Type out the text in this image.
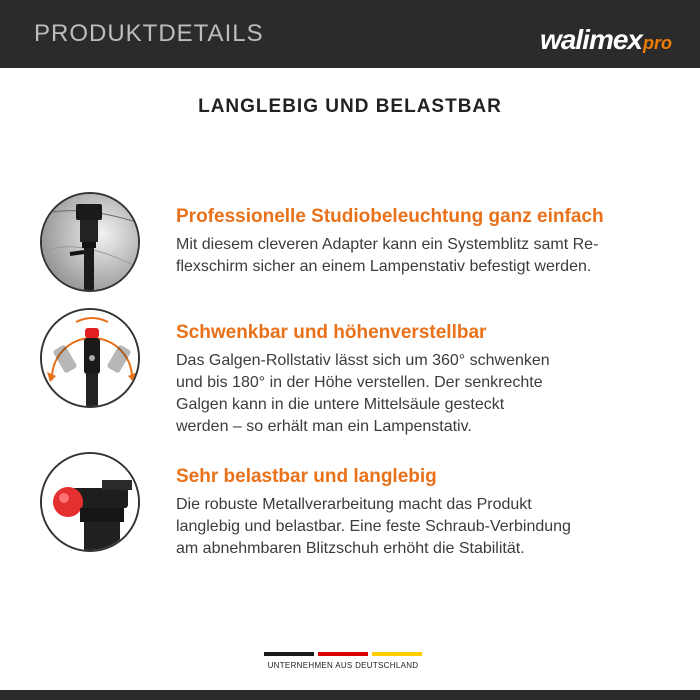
PRODUKTDETAILS	walimex pro
LANGLEBIG UND BELASTBAR
Professionelle Studiobeleuchtung ganz einfach
Mit diesem cleveren Adapter kann ein Systemblitz samt Re-
flexschirm sicher an einem Lampenstativ befestigt werden.
Schwenkbar und höhenverstellbar
Das Galgen-Rollstativ lässt sich um 360° schwenken
und bis 180° in der Höhe verstellen. Der senkrechte
Galgen kann in die untere Mittelsäule gesteckt
werden – so erhält man ein Lampenstativ.
Sehr belastbar und langlebig
Die robuste Metallverarbeitung macht das Produkt
langlebig und belastbar. Eine feste Schraub-Verbindung
am abnehmbaren Blitzschuh erhöht die Stabilität.
UNTERNEHMEN AUS DEUTSCHLAND
